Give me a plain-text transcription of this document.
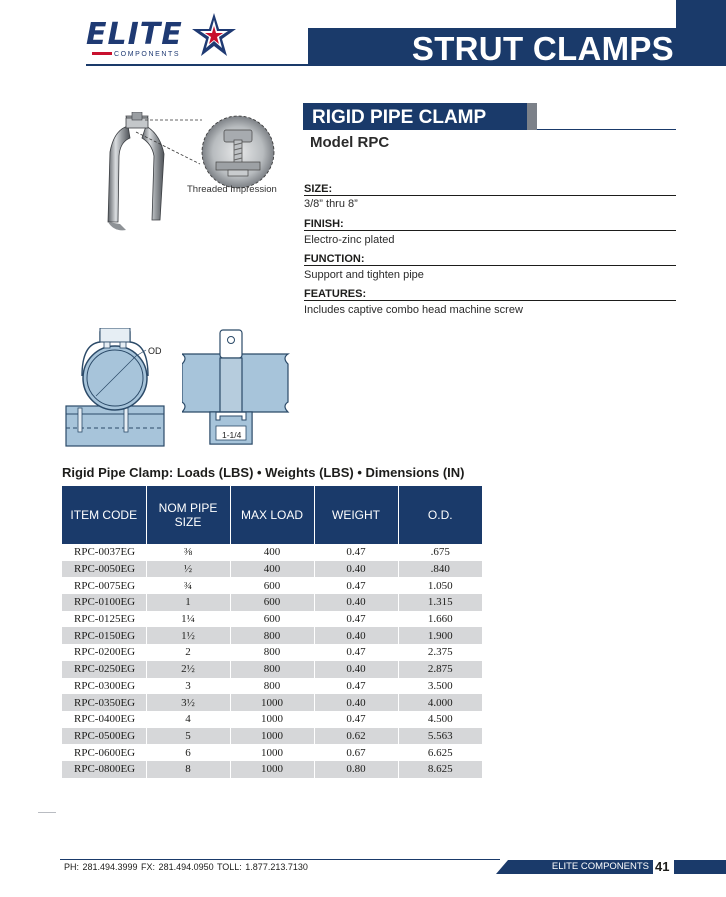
ELITE
COMPONENTS	STRUT CLAMPS
Threaded Impression
OD
1-1/4
RIGID PIPE CLAMP
Model RPC
SIZE:
3/8” thru 8”
FINISH:
Electro-zinc plated
FUNCTION:
Support and tighten pipe
FEATURES:
Includes captive combo head machine screw
Rigid Pipe Clamp: Loads (LBS) • Weights (LBS) • Dimensions (IN)
ITEM CODE	NOM PIPE SIZE	MAX LOAD	WEIGHT	O.D.
RPC-0037EG	⅜	400	0.47	.675
RPC-0050EG	½	400	0.40	.840
RPC-0075EG	¾	600	0.47	1.050
RPC-0100EG	1	600	0.40	1.315
RPC-0125EG	1¼	600	0.47	1.660
RPC-0150EG	1½	800	0.40	1.900
RPC-0200EG	2	800	0.47	2.375
RPC-0250EG	2½	800	0.40	2.875
RPC-0300EG	3	800	0.47	3.500
RPC-0350EG	3½	1000	0.40	4.000
RPC-0400EG	4	1000	0.47	4.500
RPC-0500EG	5	1000	0.62	5.563
RPC-0600EG	6	1000	0.67	6.625
RPC-0800EG	8	1000	0.80	8.625
PH: 281.494.3999 FX: 281.494.0950 TOLL: 1.877.213.7130	ELITE COMPONENTS 41
